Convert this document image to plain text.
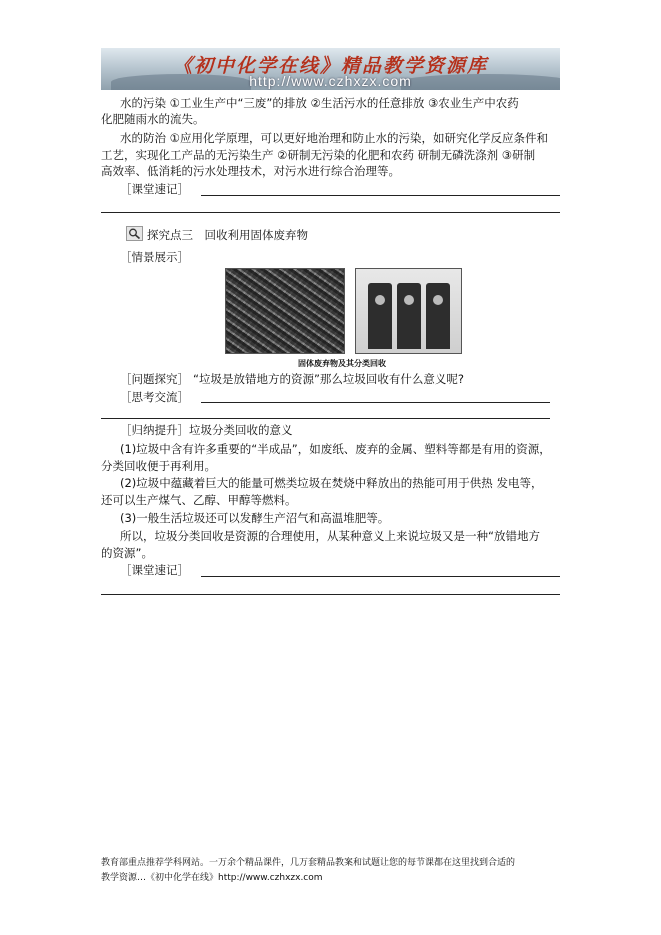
《初中化学在线》精品教学资源库
http://www.czhxzx.com
水的污染 ①工业生产中“三废”的排放 ②生活污水的任意排放 ③农业生产中农药
化肥随雨水的流失。
水的防治 ①应用化学原理，可以更好地治理和防止水的污染，如研究化学反应条件和
工艺，实现化工产品的无污染生产 ②研制无污染的化肥和农药 研制无磷洗涤剂 ③研制
高效率、低消耗的污水处理技术，对污水进行综合治理等。
［课堂速记］
探究点三　回收利用固体废弃物
［情景展示］
固体废弃物及其分类回收
［问题探究］ “垃圾是放错地方的资源”那么垃圾回收有什么意义呢?
［思考交流］
［归纳提升］垃圾分类回收的意义
(1)垃圾中含有许多重要的“半成品”，如废纸、废弃的金属、塑料等都是有用的资源，
分类回收便于再利用。
(2)垃圾中蕴藏着巨大的能量可燃类垃圾在焚烧中释放出的热能可用于供热 发电等，
还可以生产煤气、乙醇、甲醇等燃料。
(3)一般生活垃圾还可以发酵生产沼气和高温堆肥等。
所以，垃圾分类回收是资源的合理使用，从某种意义上来说垃圾又是一种“放错地方
的资源”。
［课堂速记］
教育部重点推荐学科网站。一万余个精品课件，几万套精品教案和试题让您的每节课都在这里找到合适的
教学资源…《初中化学在线》http://www.czhxzx.com
